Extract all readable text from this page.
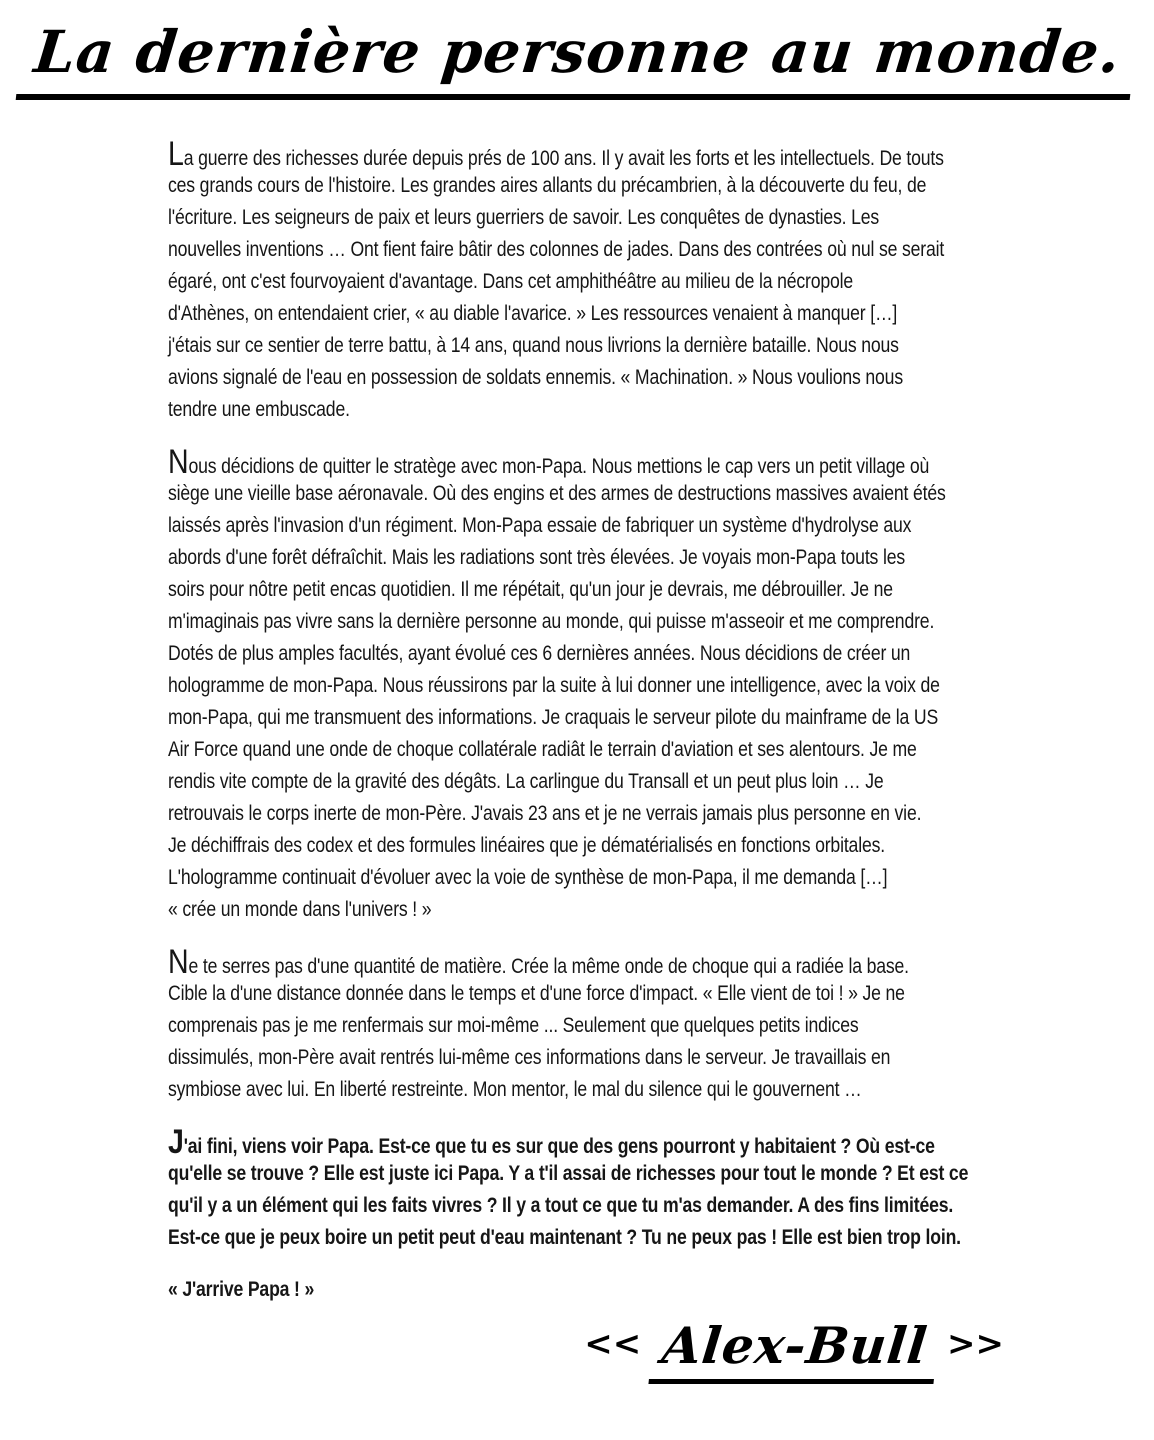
La dernière personne au monde.

La guerre des richesses durée depuis prés de 100 ans. Il y avait les forts et les intellectuels. De touts
ces grands cours de l'histoire. Les grandes aires allants du précambrien, à la découverte du feu, de
l'écriture. Les seigneurs de paix et leurs guerriers de savoir. Les conquêtes de dynasties. Les
nouvelles inventions … Ont fient faire bâtir des colonnes de jades. Dans des contrées où nul se serait
égaré, ont c'est fourvoyaient d'avantage. Dans cet amphithéâtre au milieu de la nécropole
d'Athènes, on entendaient crier, « au diable l'avarice. » Les ressources venaient à manquer […]
j'étais sur ce sentier de terre battu, à 14 ans, quand nous livrions la dernière bataille. Nous nous
avions signalé de l'eau en possession de soldats ennemis. « Machination. » Nous voulions nous
tendre une embuscade.

Nous décidions de quitter le stratège avec mon-Papa. Nous mettions le cap vers un petit village où
siège une vieille base aéronavale. Où des engins et des armes de destructions massives avaient étés
laissés après l'invasion d'un régiment. Mon-Papa essaie de fabriquer un système d'hydrolyse aux
abords d'une forêt défraîchit. Mais les radiations sont très élevées. Je voyais mon-Papa touts les
soirs pour nôtre petit encas quotidien. Il me répétait, qu'un jour je devrais, me débrouiller. Je ne
m'imaginais pas vivre sans la dernière personne au monde, qui puisse m'asseoir et me comprendre.
Dotés de plus amples facultés, ayant évolué ces 6 dernières années. Nous décidions de créer un
hologramme de mon-Papa. Nous réussirons par la suite à lui donner une intelligence, avec la voix de
mon-Papa, qui me transmuent des informations. Je craquais le serveur pilote du mainframe de la US
Air Force quand une onde de choque collatérale radiât le terrain d'aviation et ses alentours. Je me
rendis vite compte de la gravité des dégâts. La carlingue du Transall et un peut plus loin … Je
retrouvais le corps inerte de mon-Père. J'avais 23 ans et je ne verrais jamais plus personne en vie.
Je déchiffrais des codex et des formules linéaires que je dématérialisés en fonctions orbitales.
L'hologramme continuait d'évoluer avec la voie de synthèse de mon-Papa, il me demanda […]
« crée un monde dans l'univers ! »

Ne te serres pas d'une quantité de matière. Crée la même onde de choque qui a radiée la base.
Cible la d'une distance donnée dans le temps et d'une force d'impact. « Elle vient de toi ! » Je ne
comprenais pas je me renfermais sur moi-même ... Seulement que quelques petits indices
dissimulés, mon-Père avait rentrés lui-même ces informations dans le serveur. Je travaillais en
symbiose avec lui. En liberté restreinte. Mon mentor, le mal du silence qui le gouvernent …

J'ai fini, viens voir Papa. Est-ce que tu es sur que des gens pourront y habitaient ? Où est-ce
qu'elle se trouve ? Elle est juste ici Papa. Y a t'il assai de richesses pour tout le monde ? Et est ce
qu'il y a un élément qui les faits vivres ? Il y a tout ce que tu m'as demander. A des fins limitées.
Est-ce que je peux boire un petit peut d'eau maintenant ? Tu ne peux pas ! Elle est bien trop loin.

« J'arrive Papa ! »

<< Alex-Bull >>
